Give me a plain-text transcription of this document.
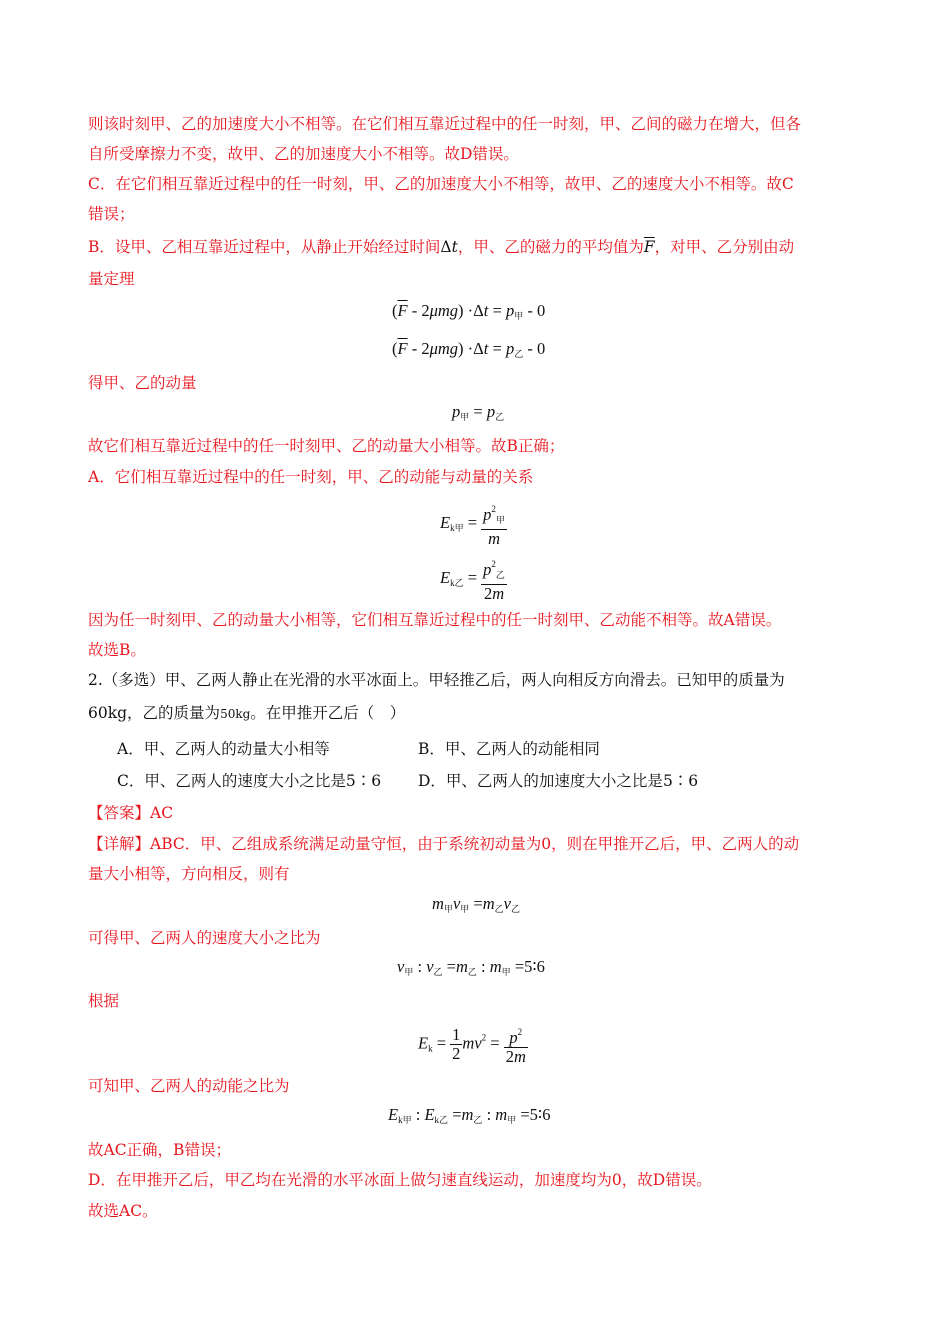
则该时刻甲、乙的加速度大小不相等。在它们相互靠近过程中的任一时刻，甲、乙间的磁力在增大，但各
自所受摩擦力不变，故甲、乙的加速度大小不相等。故D错误。
C．在它们相互靠近过程中的任一时刻，甲、乙的加速度大小不相等，故甲、乙的速度大小不相等。故C
错误；
B．设甲、乙相互靠近过程中，从静止开始经过时间Δt，甲、乙的磁力的平均值为$\overline{F}$，对甲、乙分别由动
量定理
$(\overline{F} - 2\mu mg) \cdot\Delta t = p_甲 - 0$
$(\overline{F} - 2\mu mg) \cdot\Delta t = p_乙 - 0$
得甲、乙的动量
$p_甲 = p_乙$
故它们相互靠近过程中的任一时刻甲、乙的动量大小相等。故B正确；
A．它们相互靠近过程中的任一时刻，甲、乙的动能与动量的关系
$E_{k甲} = \frac{p^2_甲}{m}$
$E_{k乙} = \frac{p^2_乙}{2m}$
因为任一时刻甲、乙的动量大小相等，它们相互靠近过程中的任一时刻甲、乙动能不相等。故A错误。
故选B。
2.（多选）甲、乙两人静止在光滑的水平冰面上。甲轻推乙后，两人向相反方向滑去。已知甲的质量为
60kg，乙的质量为50kg。在甲推开乙后（　）
A．甲、乙两人的动量大小相等	B．甲、乙两人的动能相同
C．甲、乙两人的速度大小之比是5∶6 D．甲、乙两人的加速度大小之比是5∶6
【答案】AC
【详解】ABC．甲、乙组成系统满足动量守恒，由于系统初动量为0，则在甲推开乙后，甲、乙两人的动
量大小相等，方向相反，则有
$m_甲v_甲 =m_乙v_乙$
可得甲、乙两人的速度大小之比为
$v_甲$ : $v_乙 =m_乙$ : $m_甲$ =5∶6
根据
$E_k = \frac{1}{2} mv^2 = \frac{p^2}{2m}$
可知甲、乙两人的动能之比为
$E_{k甲}$ : $E_{k乙} =m_乙$ : $m_甲$ =5∶6
故AC正确，B错误；
D．在甲推开乙后，甲乙均在光滑的水平冰面上做匀速直线运动，加速度均为0，故D错误。
故选AC。
